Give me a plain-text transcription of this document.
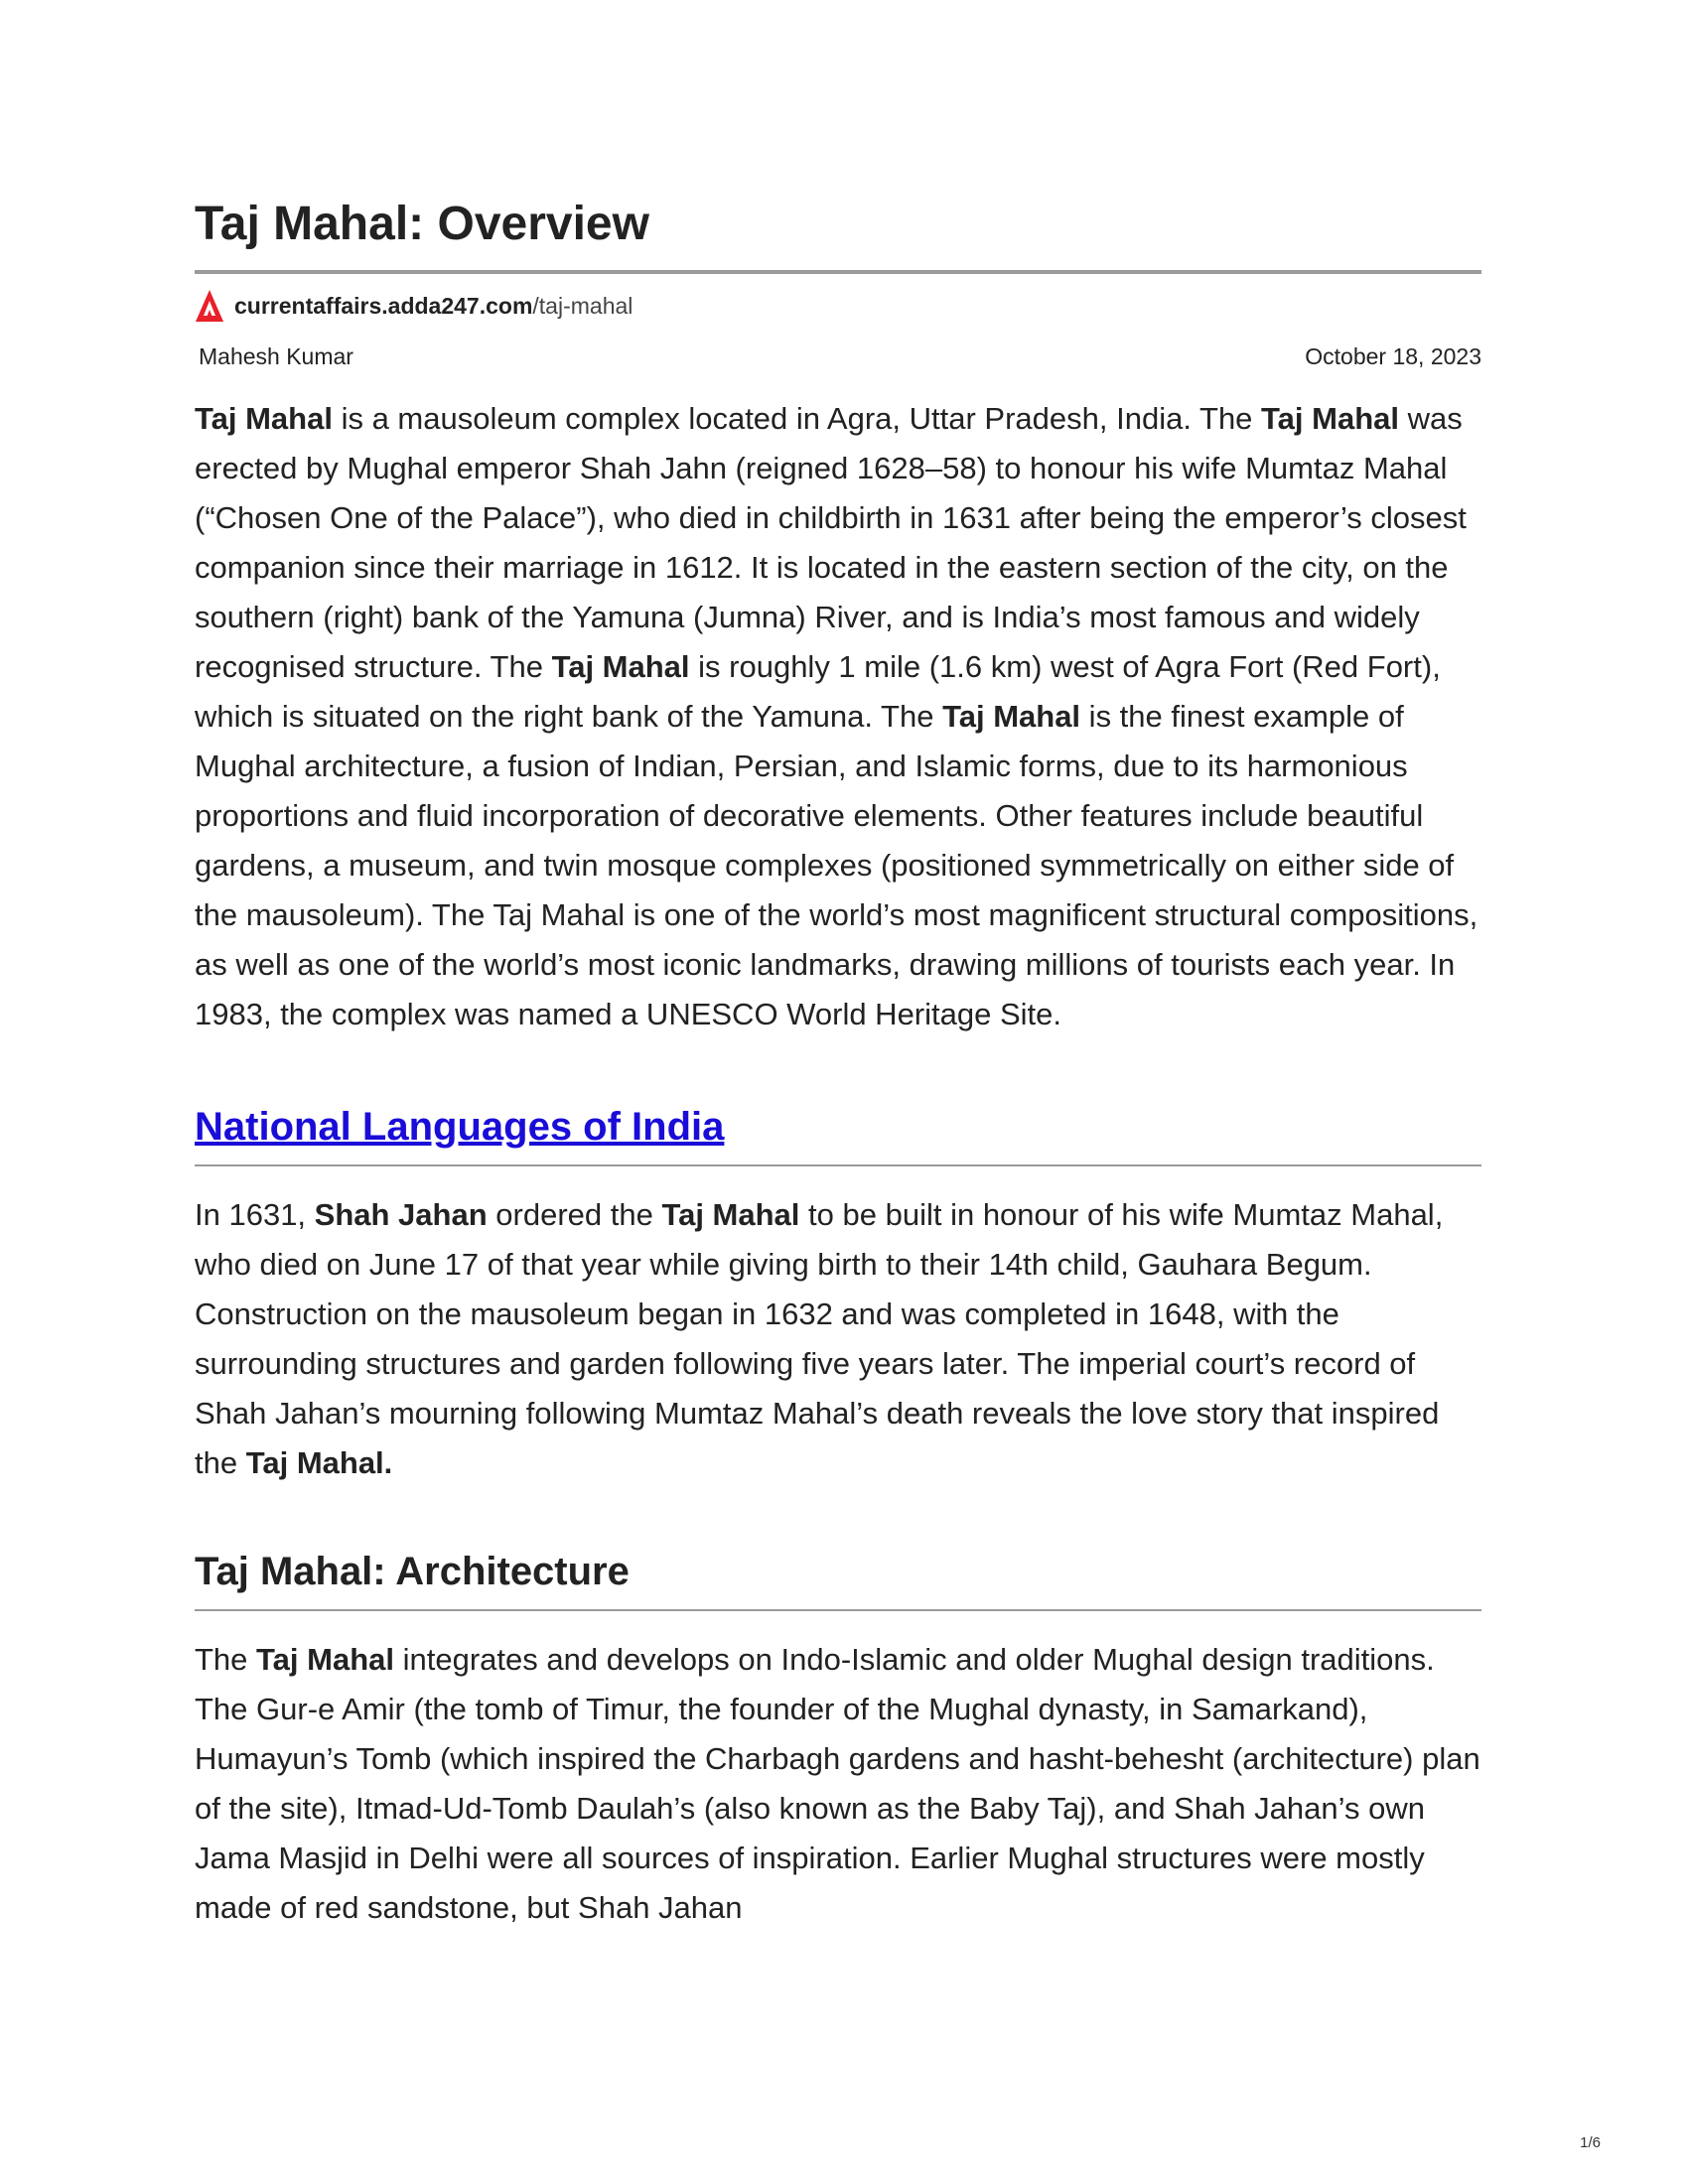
Taj Mahal: Overview
currentaffairs.adda247.com /taj-mahal
Mahesh Kumar	October 18, 2023

Taj Mahal is a mausoleum complex located in Agra, Uttar Pradesh, India. The Taj Mahal was erected by Mughal emperor Shah Jahn (reigned 1628–58) to honour his wife Mumtaz Mahal (“Chosen One of the Palace”), who died in childbirth in 1631 after being the emperor’s closest companion since their marriage in 1612. It is located in the eastern section of the city, on the southern (right) bank of the Yamuna (Jumna) River, and is India’s most famous and widely recognised structure. The Taj Mahal is roughly 1 mile (1.6 km) west of Agra Fort (Red Fort), which is situated on the right bank of the Yamuna. The Taj Mahal is the finest example of Mughal architecture, a fusion of Indian, Persian, and Islamic forms, due to its harmonious proportions and fluid incorporation of decorative elements. Other features include beautiful gardens, a museum, and twin mosque complexes (positioned symmetrically on either side of the mausoleum). The Taj Mahal is one of the world’s most magnificent structural compositions, as well as one of the world’s most iconic landmarks, drawing millions of tourists each year. In 1983, the complex was named a UNESCO World Heritage Site.

National Languages of India

In 1631, Shah Jahan ordered the Taj Mahal to be built in honour of his wife Mumtaz Mahal, who died on June 17 of that year while giving birth to their 14th child, Gauhara Begum. Construction on the mausoleum began in 1632 and was completed in 1648, with the surrounding structures and garden following five years later. The imperial court’s record of Shah Jahan’s mourning following Mumtaz Mahal’s death reveals the love story that inspired the Taj Mahal.

Taj Mahal: Architecture

The Taj Mahal integrates and develops on Indo-Islamic and older Mughal design traditions. The Gur-e Amir (the tomb of Timur, the founder of the Mughal dynasty, in Samarkand), Humayun’s Tomb (which inspired the Charbagh gardens and hasht-behesht (architecture) plan of the site), Itmad-Ud-Tomb Daulah’s (also known as the Baby Taj), and Shah Jahan’s own Jama Masjid in Delhi were all sources of inspiration. Earlier Mughal structures were mostly made of red sandstone, but Shah Jahan

1/6
